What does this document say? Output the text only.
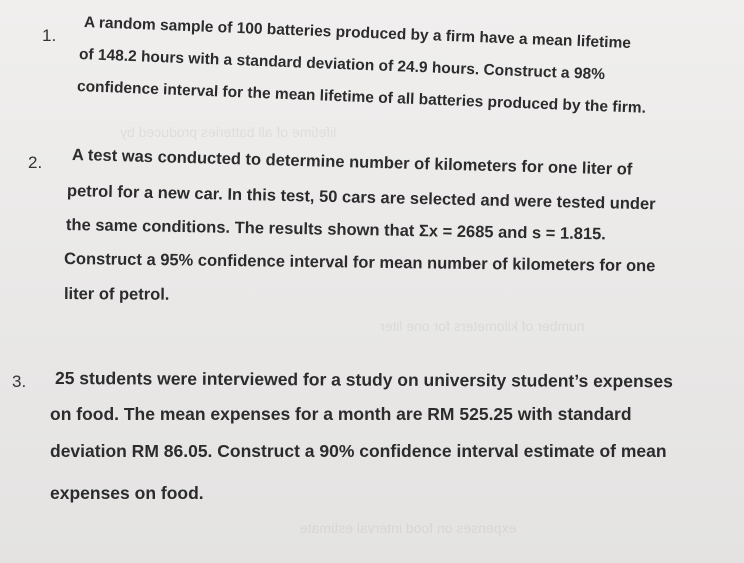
lifetime of all batteries produced by
number of kilometers for one liter
expenses on food interval estimate
1. A random sample of 100 batteries produced by a firm have a mean lifetime
of 148.2 hours with a standard deviation of 24.9 hours. Construct a 98%
confidence interval for the mean lifetime of all batteries produced by the firm.
2. A test was conducted to determine number of kilometers for one liter of
petrol for a new car. In this test, 50 cars are selected and were tested under
the same conditions. The results shown that Σx = 2685 and s = 1.815.
Construct a 95% confidence interval for mean number of kilometers for one
liter of petrol.
3. 25 students were interviewed for a study on university student’s expenses
on food. The mean expenses for a month are RM 525.25 with standard
deviation RM 86.05. Construct a 90% confidence interval estimate of mean
expenses on food.
